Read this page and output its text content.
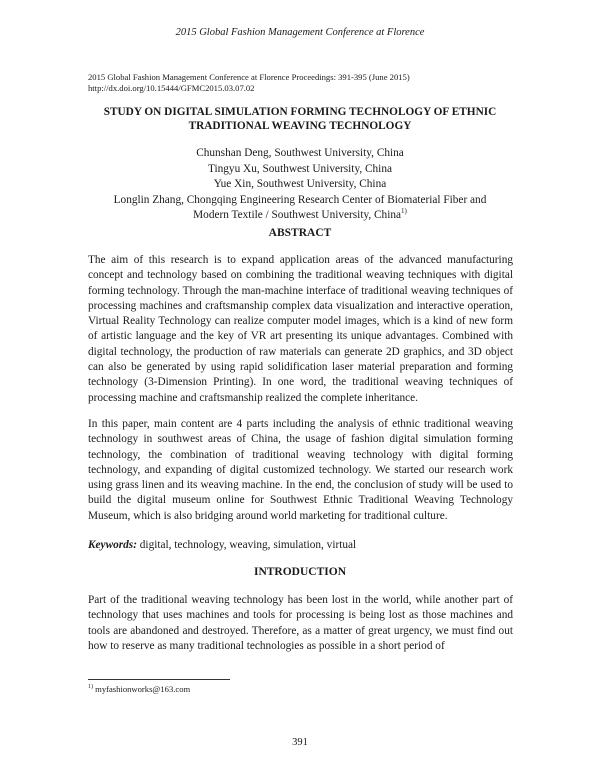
2015 Global Fashion Management Conference at Florence
2015 Global Fashion Management Conference at Florence Proceedings: 391-395 (June 2015)
http://dx.doi.org/10.15444/GFMC2015.03.07.02
STUDY ON DIGITAL SIMULATION FORMING TECHNOLOGY OF ETHNIC
TRADITIONAL WEAVING TECHNOLOGY
Chunshan Deng, Southwest University, China
Tingyu Xu, Southwest University, China
Yue Xin, Southwest University, China
Longlin Zhang, Chongqing Engineering Research Center of Biomaterial Fiber and
Modern Textile / Southwest University, China$^{1)}$
ABSTRACT

The aim of this research is to expand application areas of the advanced manufacturing concept and technology based on combining the traditional weaving techniques with digital forming technology. Through the man-machine interface of traditional weaving techniques of processing machines and craftsmanship complex data visualization and interactive operation, Virtual Reality Technology can realize computer model images, which is a kind of new form of artistic language and the key of VR art presenting its unique advantages. Combined with digital technology, the production of raw materials can generate 2D graphics, and 3D object can also be generated by using rapid solidification laser material preparation and forming technology (3-Dimension Printing). In one word, the traditional weaving techniques of processing machine and craftsmanship realized the complete inheritance.

In this paper, main content are 4 parts including the analysis of ethnic traditional weaving technology in southwest areas of China, the usage of fashion digital simulation forming technology, the combination of traditional weaving technology with digital forming technology, and expanding of digital customized technology. We started our research work using grass linen and its weaving machine. In the end, the conclusion of study will be used to build the digital museum online for Southwest Ethnic Traditional Weaving Technology Museum, which is also bridging around world marketing for traditional culture.

Keywords: digital, technology, weaving, simulation, virtual

INTRODUCTION

Part of the traditional weaving technology has been lost in the world, while another part of technology that uses machines and tools for processing is being lost as those machines and tools are abandoned and destroyed. Therefore, as a matter of great urgency, we must find out how to reserve as many traditional technologies as possible in a short period of

$^{1)}$ myfashionworks@163.com
391
